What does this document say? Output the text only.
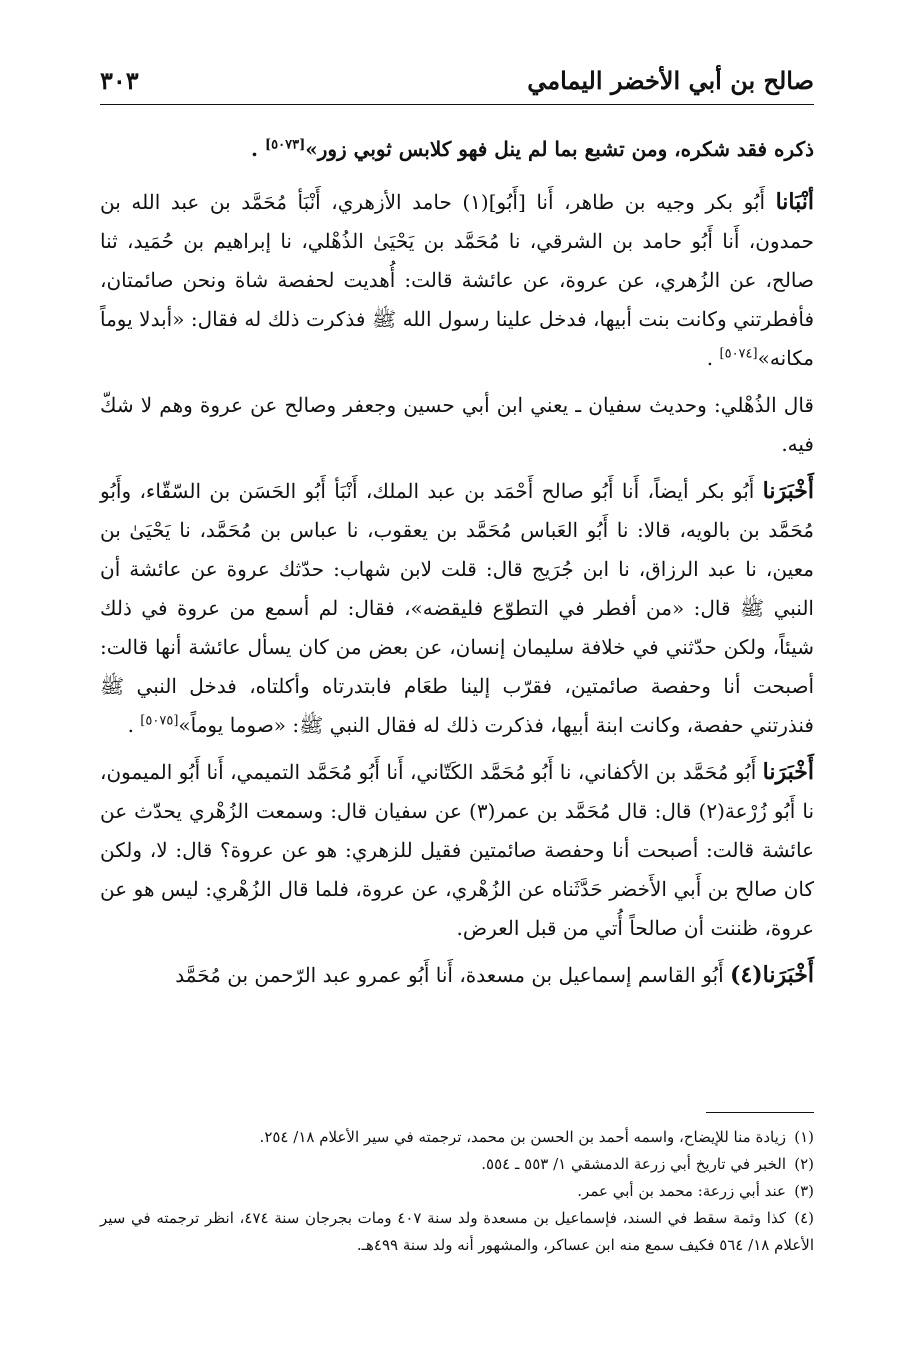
صالح بن أبي الأخضر اليمامي
٣٠٣

ذكره فقد شكره، ومن تشبع بما لم ينل فهو كلابس ثوبي زور»[٥٠٧٣] .

أنْبَانا أَبُو بكر وجيه بن طاهر، أَنا [أَبُو](١) حامد الأزهري، أَنْبَأ مُحَمَّد بن عبد الله بن حمدون، أَنا أَبُو حامد بن الشرقي، نا مُحَمَّد بن يَحْيَىٰ الذُهْلي، نا إبراهيم بن حُمَيد، ثنا صالح، عن الزُهري، عن عروة، عن عائشة قالت: أُهديت لحفصة شاة ونحن صائمتان، فأفطرتني وكانت بنت أبيها، فدخل علينا رسول الله ﷺ فذكرت ذلك له فقال: «أبدلا يوماً مكانه»[٥٠٧٤] .

قال الذُهْلي: وحديث سفيان ـ يعني ابن أبي حسين وجعفر وصالح عن عروة وهم لا شكّ فيه.

أَخْبَرَنا أَبُو بكر أيضاً، أَنا أَبُو صالح أَحْمَد بن عبد الملك، أَنْبَأ أَبُو الحَسَن بن السّقّاء، وأَبُو مُحَمَّد بن بالويه، قالا: نا أَبُو العَباس مُحَمَّد بن يعقوب، نا عباس بن مُحَمَّد، نا يَحْيَىٰ بن معين، نا عبد الرزاق، نا ابن جُرَيج قال: قلت لابن شهاب: حدّثك عروة عن عائشة أن النبي ﷺ قال: «من أفطر في التطوّع فليقضه»، فقال: لم أسمع من عروة في ذلك شيئاً، ولكن حدّثني في خلافة سليمان إنسان، عن بعض من كان يسأل عائشة أنها قالت: أصبحت أنا وحفصة صائمتين، فقرّب إلينا طعَام فابتدرتاه وأكلتاه، فدخل النبي ﷺ فنذرتني حفصة، وكانت ابنة أبيها، فذكرت ذلك له فقال النبي ﷺ: «صوما يوماً»[٥٠٧٥] .

أَخْبَرَنا أَبُو مُحَمَّد بن الأكفاني، نا أَبُو مُحَمَّد الكَتّاني، أَنا أَبُو مُحَمَّد التميمي، أَنا أَبُو الميمون، نا أَبُو زُرْعة(٢) قال: قال مُحَمَّد بن عمر(٣) عن سفيان قال: وسمعت الزُهْري يحدّث عن عائشة قالت: أصبحت أنا وحفصة صائمتين فقيل للزهري: هو عن عروة؟ قال: لا، ولكن كان صالح بن أَبي الأَخضر حَدَّثَناه عن الزُهْري، عن عروة، فلما قال الزُهْري: ليس هو عن عروة، ظننت أن صالحاً أُتي من قبل العرض.

أَخْبَرَنا(٤) أَبُو القاسم إسماعيل بن مسعدة، أَنا أَبُو عمرو عبد الرّحمن بن مُحَمَّد

(١)زيادة منا للإيضاح، واسمه أحمد بن الحسن بن محمد، ترجمته في سير الأعلام ١٨/ ٢٥٤.

(٢)الخبر في تاريخ أبي زرعة الدمشقي ١/ ٥٥٣ ـ ٥٥٤.

(٣)عند أبي زرعة: محمد بن أبي عمر.

(٤)كذا وثمة سقط في السند، فإسماعيل بن مسعدة ولد سنة ٤٠٧ ومات بجرجان سنة ٤٧٤، انظر ترجمته في سير الأعلام ١٨/ ٥٦٤ فكيف سمع منه ابن عساكر، والمشهور أنه ولد سنة ٤٩٩هـ.
